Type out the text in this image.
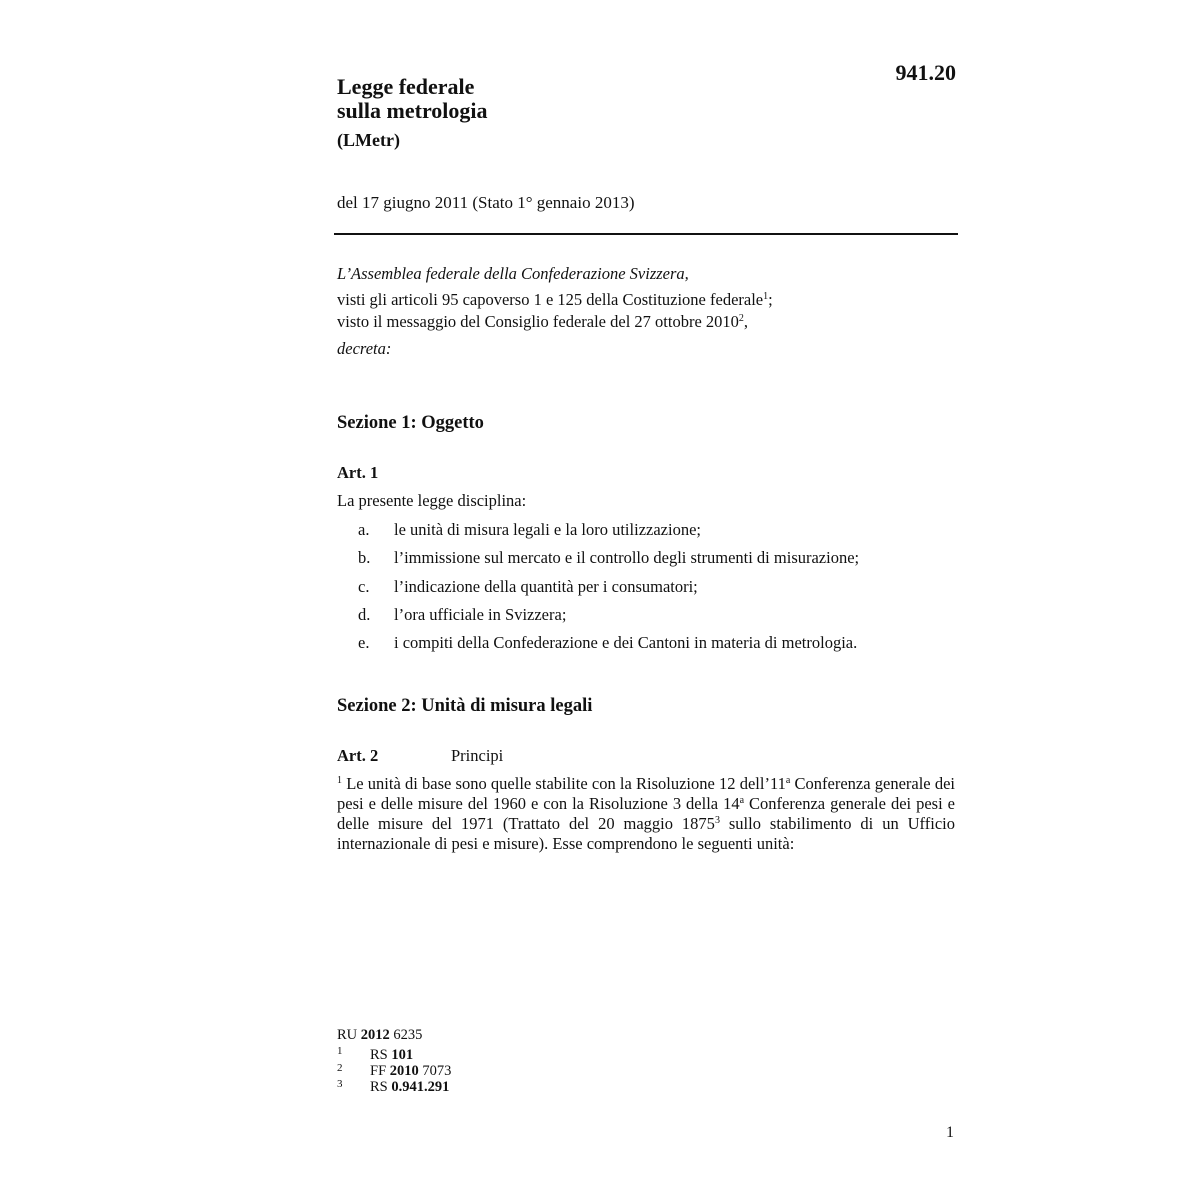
941.20
Legge federale
sulla metrologia
(LMetr)
del 17 giugno 2011 (Stato 1° gennaio 2013)
L’Assemblea federale della Confederazione Svizzera,
visti gli articoli 95 capoverso 1 e 125 della Costituzione federale$^1$;
visto il messaggio del Consiglio federale del 27 ottobre 2010$^2$,
decreta:
Sezione 1: Oggetto
Art. 1
La presente legge disciplina:
a.	le unità di misura legali e la loro utilizzazione;
b.	l’immissione sul mercato e il controllo degli strumenti di misurazione;
c.	l’indicazione della quantità per i consumatori;
d.	l’ora ufficiale in Svizzera;
e.	i compiti della Confederazione e dei Cantoni in materia di metrologia.
Sezione 2: Unità di misura legali
Art. 2	Principi
$^1$ Le unità di base sono quelle stabilite con la Risoluzione 12 dell’11$^a$ Conferenza generale dei pesi e delle misure del 1960 e con la Risoluzione 3 della 14$^a$ Conferenza generale dei pesi e delle misure del 1971 (Trattato del 20 maggio 1875$^3$ sullo stabilimento di un Ufficio internazionale di pesi e misure). Esse comprendono le seguenti unità:
RU 2012 6235
1 RS 101
2 FF 2010 7073
3 RS 0.941.291
1
